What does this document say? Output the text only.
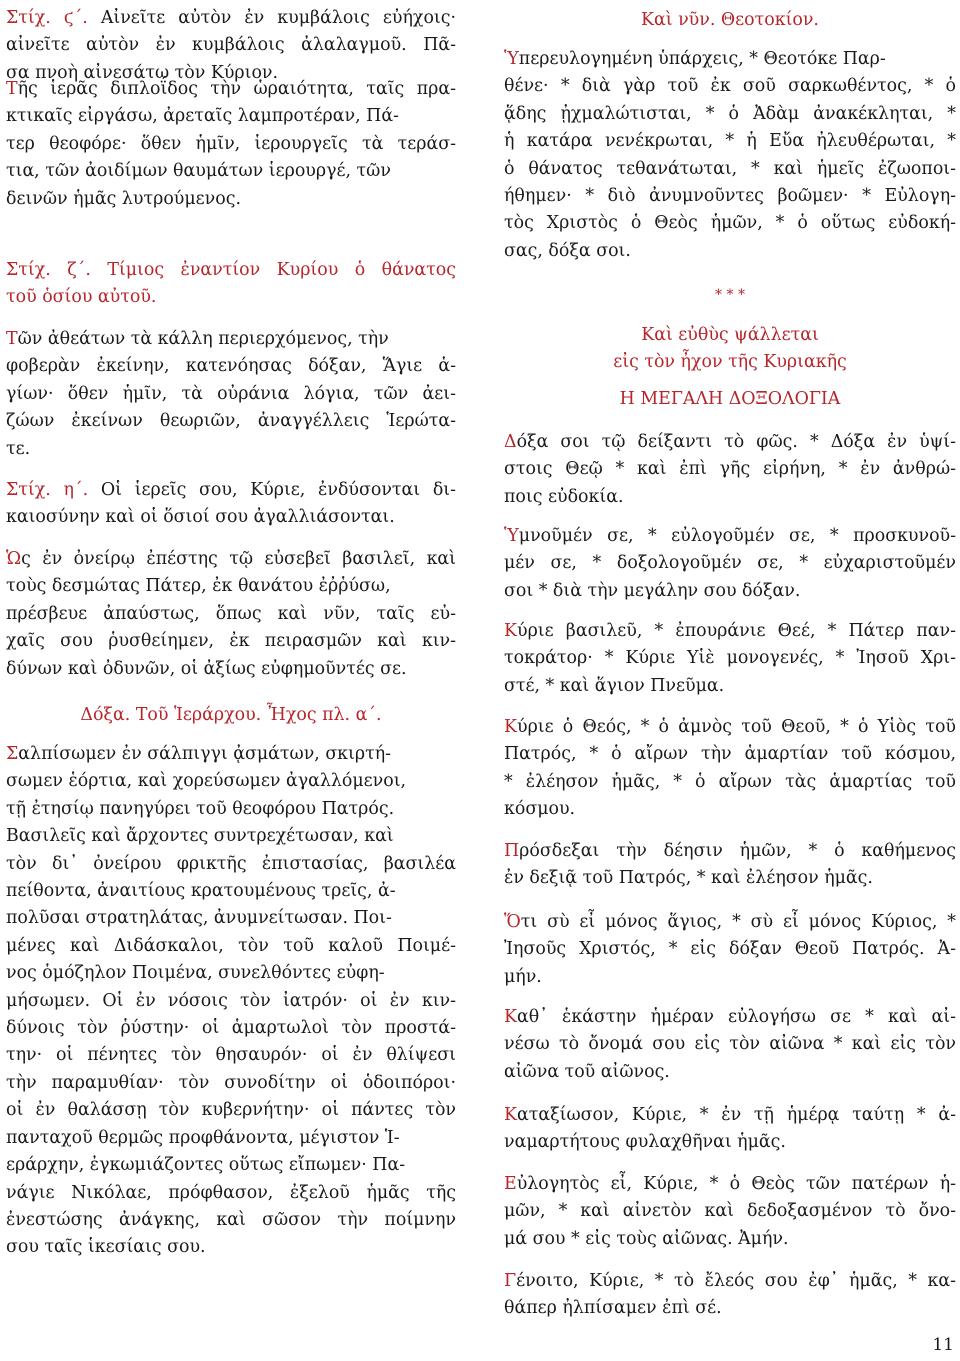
Στίχ. ϛ΄. Αἰνεῖτε αὐτὸν ἐν κυμβάλοις εὐήχοις·
αἰνεῖτε αὐτὸν ἐν κυμβάλοις ἀλαλαγμοῦ. Πᾶ-
σα πνοὴ αἰνεσάτω τὸν Κύριον.

Τῆς ἱερᾶς διπλοΐδος τὴν ὡραιότητα, ταῖς πρα-
κτικαῖς εἰργάσω, ἀρεταῖς λαμπροτέραν, Πά-
τερ θεοφόρε· ὅθεν ἡμῖν, ἱερουργεῖς τὰ τεράσ-
τια, τῶν ἀοιδίμων θαυμάτων ἱερουργέ, τῶν
δεινῶν ἡμᾶς λυτρούμενος.

Στίχ. ζ΄. Τίμιος ἐναντίον Κυρίου ὁ θάνατος
τοῦ ὁσίου αὐτοῦ.

Τῶν ἀθεάτων τὰ κάλλη περιερχόμενος, τὴν
φοβερὰν ἐκείνην, κατενόησας δόξαν, Ἅγιε ἁ-
γίων· ὅθεν ἡμῖν, τὰ οὐράνια λόγια, τῶν ἀει-
ζώων ἐκείνων θεωριῶν, ἀναγγέλλεις Ἱερώτα-
τε.

Στίχ. η΄. Οἱ ἱερεῖς σου, Κύριε, ἐνδύσονται δι-
καιοσύνην καὶ οἱ ὅσιοί σου ἀγαλλιάσονται.

Ὡς ἐν ὀνείρῳ ἐπέστης τῷ εὐσεβεῖ βασιλεῖ, καὶ
τοὺς δεσμώτας Πάτερ, ἐκ θανάτου ἐῤῥύσω,
πρέσβευε ἀπαύστως, ὅπως καὶ νῦν, ταῖς εὐ-
χαῖς σου ῥυσθείημεν, ἐκ πειρασμῶν καὶ κιν-
δύνων καὶ ὀδυνῶν, οἱ ἀξίως εὐφημοῦντές σε.

Δόξα. Τοῦ Ἱεράρχου. Ἦχος πλ. α΄.

Σαλπίσωμεν ἐν σάλπιγγι ᾀσμάτων, σκιρτή-
σωμεν ἑόρτια, καὶ χορεύσωμεν ἀγαλλόμενοι,
τῇ ἐτησίῳ πανηγύρει τοῦ θεοφόρου Πατρός.
Βασιλεῖς καὶ ἄρχοντες συντρεχέτωσαν, καὶ
τὸν δι᾽ ὀνείρου φρικτῆς ἐπιστασίας, βασιλέα
πείθοντα, ἀναιτίους κρατουμένους τρεῖς, ἀ-
πολῦσαι στρατηλάτας, ἀνυμνείτωσαν. Ποι-
μένες καὶ Διδάσκαλοι, τὸν τοῦ καλοῦ Ποιμέ-
νος ὁμόζηλον Ποιμένα, συνελθόντες εὐφη-
μήσωμεν. Οἱ ἐν νόσοις τὸν ἰατρόν· οἱ ἐν κιν-
δύνοις τὸν ῥύστην· οἱ ἁμαρτωλοὶ τὸν προστά-
την· οἱ πένητες τὸν θησαυρόν· οἱ ἐν θλίψεσι
τὴν παραμυθίαν· τὸν συνοδίτην οἱ ὁδοιπόροι·
οἱ ἐν θαλάσσῃ τὸν κυβερνήτην· οἱ πάντες τὸν
πανταχοῦ θερμῶς προφθάνοντα, μέγιστον Ἱ-
εράρχην, ἐγκωμιάζοντες οὕτως εἴπωμεν· Πα-
νάγιε Νικόλαε, πρόφθασον, ἐξελοῦ ἡμᾶς τῆς
ἐνεστώσης ἀνάγκης, καὶ σῶσον τὴν ποίμνην
σου ταῖς ἱκεσίαις σου.

Καὶ νῦν. Θεοτοκίον.

Ὑπερευλογημένη ὑπάρχεις, * Θεοτόκε Παρ-
θένε· * διὰ γὰρ τοῦ ἐκ σοῦ σαρκωθέντος, * ὁ
ᾅδης ᾐχμαλώτισται, * ὁ Ἀδὰμ ἀνακέκληται, *
ἡ κατάρα νενέκρωται, * ἡ Εὔα ἠλευθέρωται, *
ὁ θάνατος τεθανάτωται, * καὶ ἡμεῖς ἐζωοποι-
ήθημεν· * διὸ ἀνυμνοῦντες βοῶμεν· * Εὐλογη-
τὸς Χριστὸς ὁ Θεὸς ἡμῶν, * ὁ οὕτως εὐδοκή-
σας, δόξα σοι.

* * *

Καὶ εὐθὺς ψάλλεται
εἰς τὸν ἦχον τῆς Κυριακῆς

Η ΜΕΓΑΛΗ ΔΟΞΟΛΟΓΙΑ

Δόξα σοι τῷ δείξαντι τὸ φῶς. * Δόξα ἐν ὑψί-
στοις Θεῷ * καὶ ἐπὶ γῆς εἰρήνη, * ἐν ἀνθρώ-
ποις εὐδοκία.

Ὑμνοῦμέν σε, * εὐλογοῦμέν σε, * προσκυνοῦ-
μέν σε, * δοξολογοῦμέν σε, * εὐχαριστοῦμέν
σοι * διὰ τὴν μεγάλην σου δόξαν.

Κύριε βασιλεῦ, * ἐπουράνιε Θεέ, * Πάτερ παν-
τοκράτορ· * Κύριε Υἱὲ μονογενές, * Ἰησοῦ Χρι-
στέ, * καὶ ἅγιον Πνεῦμα.

Κύριε ὁ Θεός, * ὁ ἀμνὸς τοῦ Θεοῦ, * ὁ Υἱὸς τοῦ
Πατρός, * ὁ αἴρων τὴν ἁμαρτίαν τοῦ κόσμου,
* ἐλέησον ἡμᾶς, * ὁ αἴρων τὰς ἁμαρτίας τοῦ
κόσμου.

Πρόσδεξαι τὴν δέησιν ἡμῶν, * ὁ καθήμενος
ἐν δεξιᾷ τοῦ Πατρός, * καὶ ἐλέησον ἡμᾶς.

Ὅτι σὺ εἶ μόνος ἅγιος, * σὺ εἶ μόνος Κύριος, *
Ἰησοῦς Χριστός, * εἰς δόξαν Θεοῦ Πατρός. Ἀ-
μήν.

Καθ᾽ ἑκάστην ἡμέραν εὐλογήσω σε * καὶ αἰ-
νέσω τὸ ὄνομά σου εἰς τὸν αἰῶνα * καὶ εἰς τὸν
αἰῶνα τοῦ αἰῶνος.

Καταξίωσον, Κύριε, * ἐν τῇ ἡμέρᾳ ταύτῃ * ἀ-
ναμαρτήτους φυλαχθῆναι ἡμᾶς.

Εὐλογητὸς εἶ, Κύριε, * ὁ Θεὸς τῶν πατέρων ἡ-
μῶν, * καὶ αἰνετὸν καὶ δεδοξασμένον τὸ ὄνο-
μά σου * εἰς τοὺς αἰῶνας. Ἀμήν.

Γένοιτο, Κύριε, * τὸ ἔλεός σου ἐφ᾽ ἡμᾶς, * κα-
θάπερ ἠλπίσαμεν ἐπὶ σέ.

11
